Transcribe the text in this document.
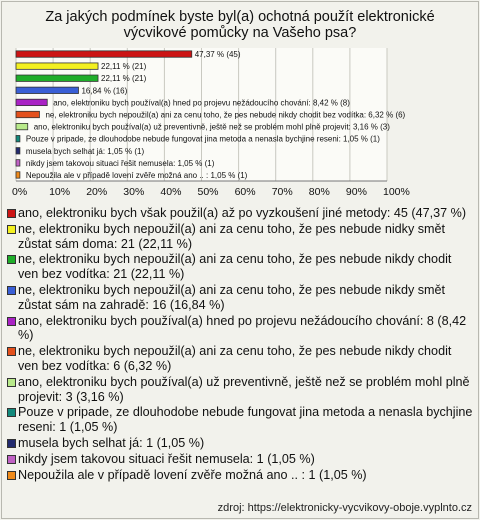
Za jakých podmínek byste byl(a) ochotná použít elektronické
výcvikové pomůcky na Vašeho psa?
0% 10% 20% 30% 40% 50% 60% 70% 80% 90% 100%
47,37 % (45)
22,11 % (21)
22,11 % (21)
16,84 % (16)
ano, elektroniku bych používal(a) hned po projevu nežádoucího chování: 8,42 % (8)
ne, elektroniku bych nepoužil(a) ani za cenu toho, že pes nebude nikdy chodit bez vodítka: 6,32 % (6)
ano, elektroniku bych používal(a) už preventivně, ještě než se problém mohl plně projevit: 3,16 % (3)
Pouze v pripade, ze dlouhodobe nebude fungovat jina metoda a nenasla bychjine reseni: 1,05 % (1)
musela bych selhat já: 1,05 % (1)
nikdy jsem takovou situaci řešit nemusela: 1,05 % (1)
Nepoužila ale v případě lovení zvěře možná ano .. : 1,05 % (1)
ano, elektroniku bych však použil(a) až po vyzkoušení jiné metody: 45 (47,37 %)
ne, elektroniku bych nepoužil(a) ani za cenu toho, že pes nebude nidky smět zůstat sám doma: 21 (22,11 %)
ne, elektroniku bych nepoužil(a) ani za cenu toho, že pes nebude nikdy chodit ven bez vodítka: 21 (22,11 %)
ne, elektroniku bych nepoužil(a) ani za cenu toho, že pes nebude nikdy smět zůstat sám na zahradě: 16 (16,84 %)
ano, elektroniku bych používal(a) hned po projevu nežádoucího chování: 8 (8,42 %)
ne, elektroniku bych nepoužil(a) ani za cenu toho, že pes nebude nikdy chodit ven bez vodítka: 6 (6,32 %)
ano, elektroniku bych používal(a) už preventivně, ještě než se problém mohl plně projevit: 3 (3,16 %)
Pouze v pripade, ze dlouhodobe nebude fungovat jina metoda a nenasla bychjine reseni: 1 (1,05 %)
musela bych selhat já: 1 (1,05 %)
nikdy jsem takovou situaci řešit nemusela: 1 (1,05 %)
Nepoužila ale v případě lovení zvěře možná ano .. : 1 (1,05 %)
zdroj: https://elektronicky-vycvikovy-oboje.vyplnto.cz
